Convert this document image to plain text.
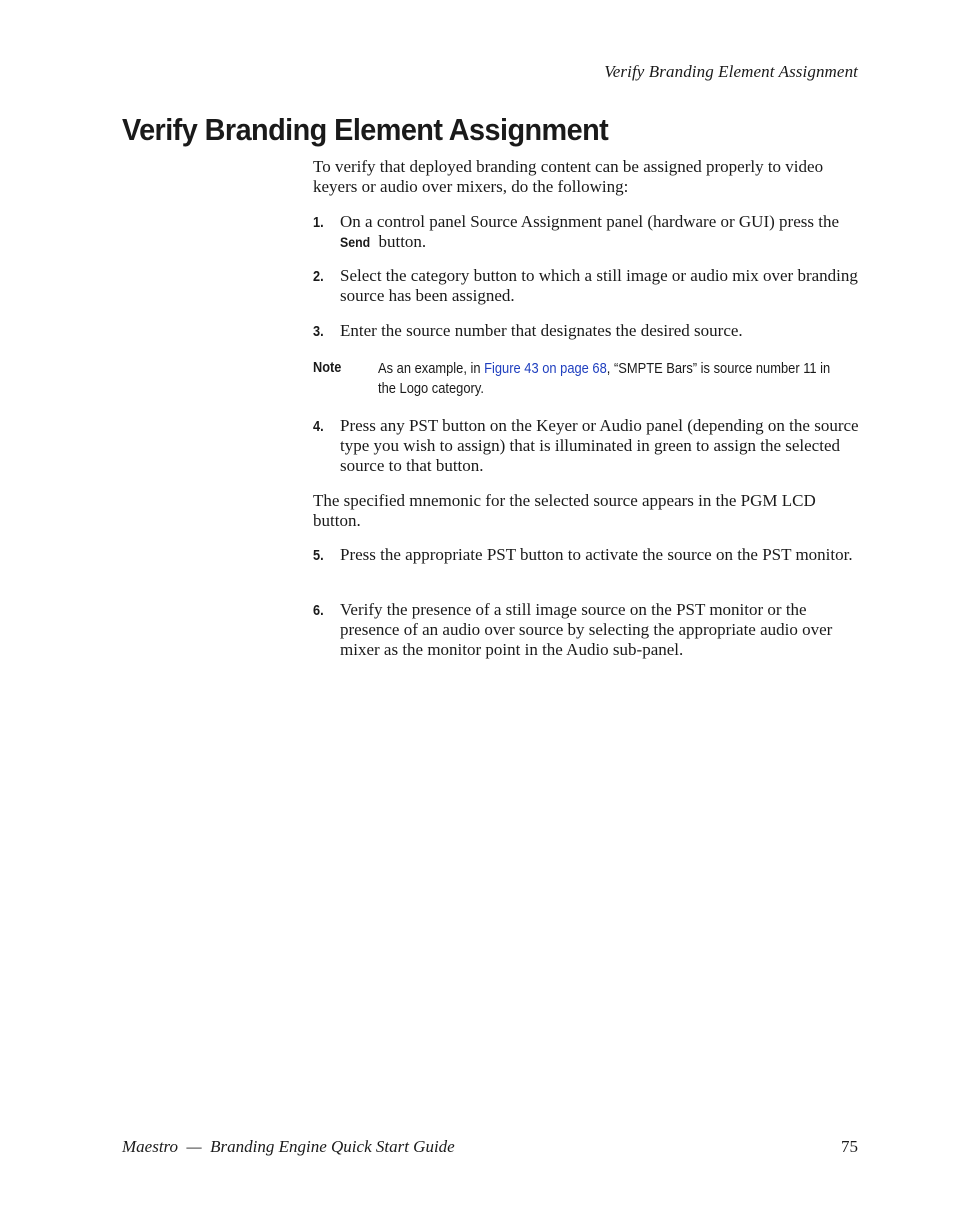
Verify Branding Element Assignment
Verify Branding Element Assignment
To verify that deployed branding content can be assigned properly to video keyers or audio over mixers, do the following:
1. On a control panel Source Assignment panel (hardware or GUI) press the Send button.
2. Select the category button to which a still image or audio mix over branding source has been assigned.
3. Enter the source number that designates the desired source.
Note As an example, in Figure 43 on page 68, “SMPTE Bars” is source number 11 in the Logo category.
4. Press any PST button on the Keyer or Audio panel (depending on the source type you wish to assign) that is illuminated in green to assign the selected source to that button.
The specified mnemonic for the selected source appears in the PGM LCD button.
5. Press the appropriate PST button to activate the source on the PST monitor.
6. Verify the presence of a still image source on the PST monitor or the presence of an audio over source by selecting the appropriate audio over mixer as the monitor point in the Audio sub-panel.
Maestro  —  Branding Engine Quick Start Guide	75
